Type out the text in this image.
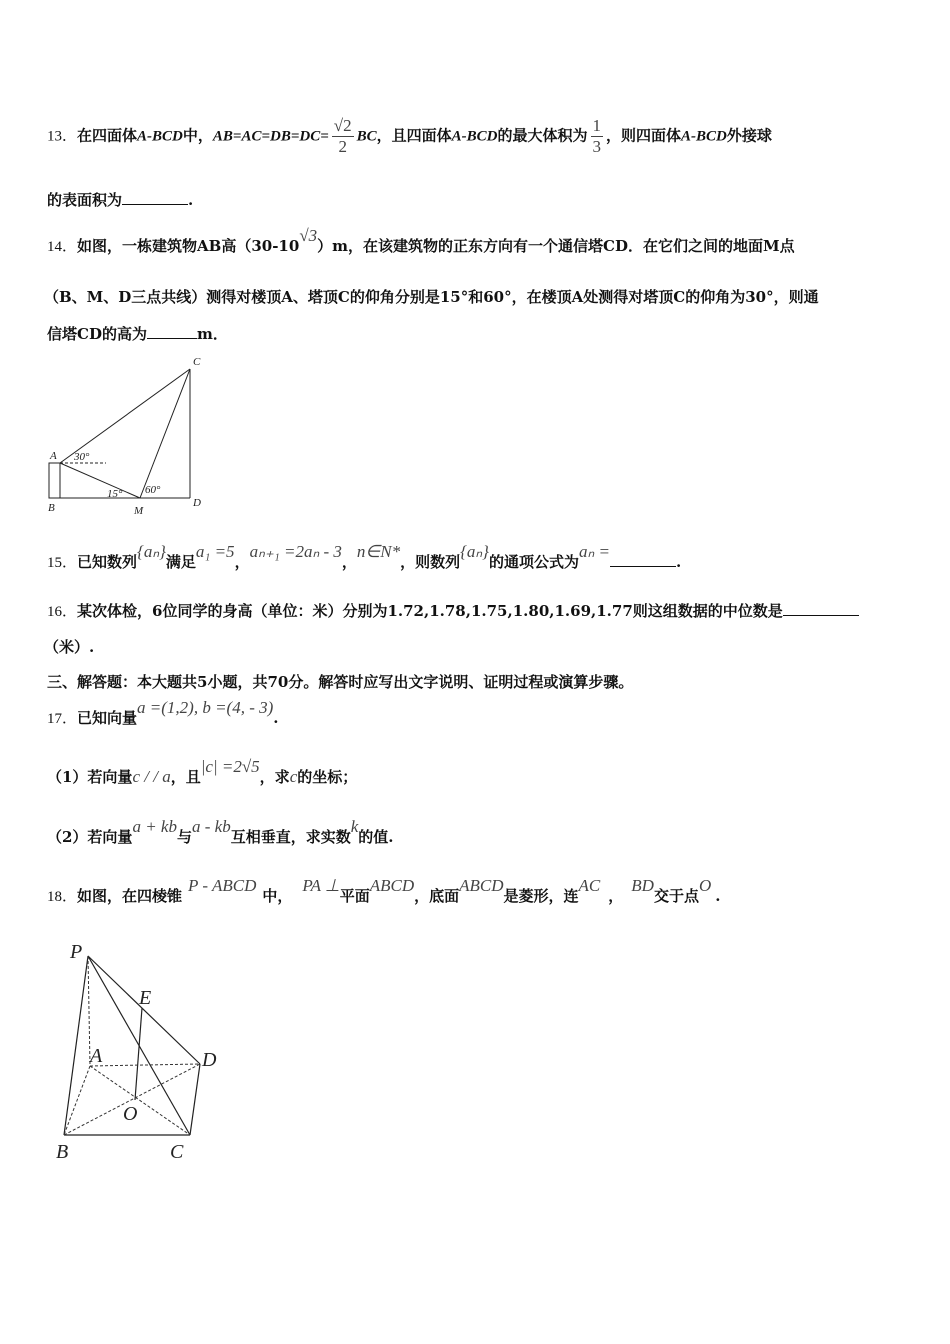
13．在四面体A-BCD中，$AB=AC=DB=DC= \frac{√2}{2}$ BC，且四面体A-BCD的最大体积为 $\frac{1}{3}$ ，则四面体A-BCD外接球
的表面积为	.
14．如图，一栋建筑物AB高（30-10√3）m，在该建筑物的正东方向有一个通信塔CD．在它们之间的地面M点
（B、M、D三点共线）测得对楼顶A、塔顶C的仰角分别是15°和60°，在楼顶A处测得对塔顶C的仰角为30°，则通
信塔CD的高为	m．
C
A
B	M
D
30°
15° 60°
P
E
A	D
O
B	C
15．已知数列{aₙ}满足a₁ =5，aₙ₊₁ =2aₙ - 3，n∈N*，则数列{aₙ}的通项公式为aₙ =.
16．某次体检，6位同学的身高（单位：米）分别为1.72,1.78,1.75,1.80,1.69,1.77则这组数据的中位数是
（米）.
三、解答题：本大题共5小题，共70分。解答时应写出文字说明、证明过程或演算步骤。
17．已知向量a =(1,2), b =(4, - 3).
（1）若向量c / / a，且|c| =2√5，求c的坐标；
（2）若向量a + kb与a - kb互相垂直，求实数k的值.
18．如图，在四棱锥P - ABCD中，PA ⊥平面ABCD，底面ABCD是菱形，连AC，BD交于点O.
